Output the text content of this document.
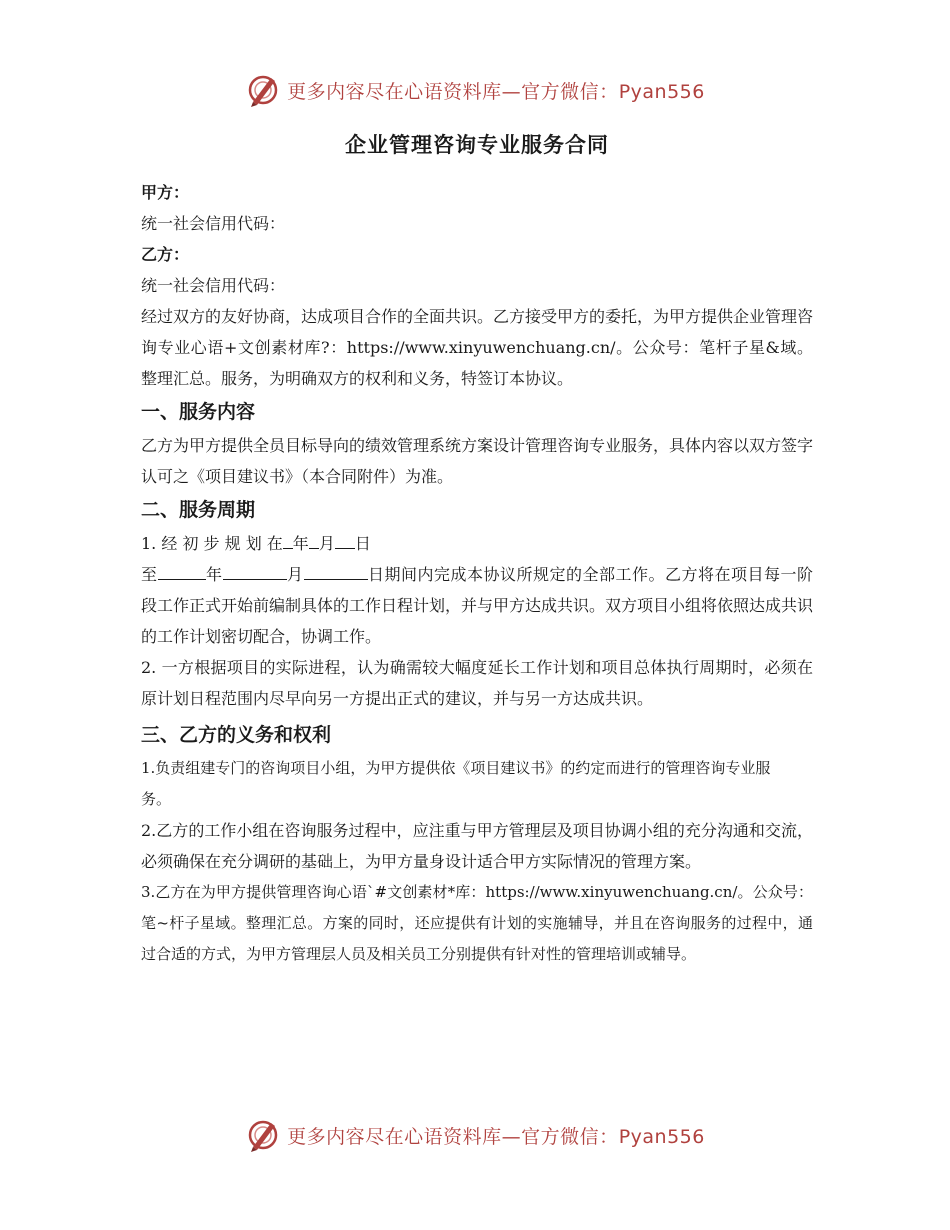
更多内容尽在心语资料库—官方微信：Pyan556
企业管理咨询专业服务合同

甲方：

统一社会信用代码：

乙方：

统一社会信用代码：

经过双方的友好协商，达成项目合作的全面共识。乙方接受甲方的委托，为甲方提供企业管理咨询专业心语+文创素材库?：https://www.xinyuwenchuang.cn/。公众号：笔杆子星&域。整理汇总。服务，为明确双方的权利和义务，特签订本协议。

一、服务内容

乙方为甲方提供全员目标导向的绩效管理系统方案设计管理咨询专业服务，具体内容以双方签字认可之《项目建议书》（本合同附件）为准。

二、服务周期

1. 经 初 步 规 划 在 年 月 日

至	年	月	日期间内完成本协议所规定的全部工作。乙方将在项目每一阶段工作正式开始前编制具体的工作日程计划，并与甲方达成共识。双方项目小组将依照达成共识的工作计划密切配合，协调工作。

2. 一方根据项目的实际进程，认为确需较大幅度延长工作计划和项目总体执行周期时，必须在原计划日程范围内尽早向另一方提出正式的建议，并与另一方达成共识。

三、乙方的义务和权利

1.负责组建专门的咨询项目小组，为甲方提供依《项目建议书》的约定而进行的管理咨询专业服务。

2.乙方的工作小组在咨询服务过程中，应注重与甲方管理层及项目协调小组的充分沟通和交流，必须确保在充分调研的基础上，为甲方量身设计适合甲方实际情况的管理方案。

3.乙方在为甲方提供管理咨询心语`#文创素材*库：https://www.xinyuwenchuang.cn/。公众号：笔~杆子星域。整理汇总。方案的同时，还应提供有计划的实施辅导，并且在咨询服务的过程中，通过合适的方式，为甲方管理层人员及相关员工分别提供有针对性的管理培训或辅导。

更多内容尽在心语资料库—官方微信：Pyan556
